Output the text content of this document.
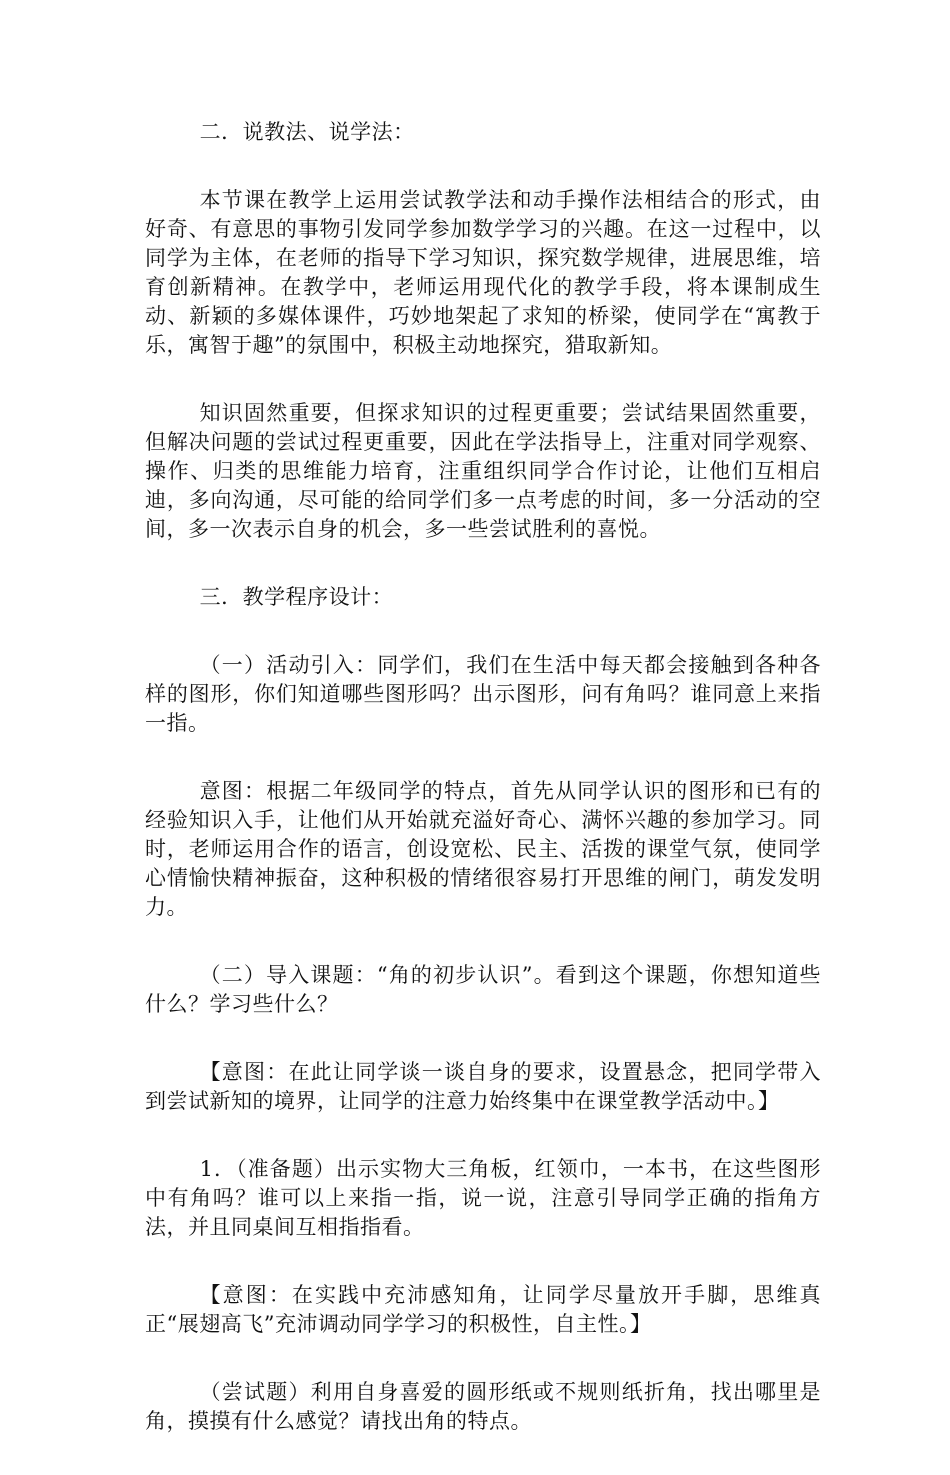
二．说教法、说学法：

本节课在教学上运用尝试教学法和动手操作法相结合的形式，由好奇、有意思的事物引发同学参加数学学习的兴趣。在这一过程中，以同学为主体，在老师的指导下学习知识，探究数学规律，进展思维，培育创新精神。在教学中，老师运用现代化的教学手段，将本课制成生动、新颖的多媒体课件，巧妙地架起了求知的桥梁，使同学在“寓教于乐，寓智于趣”的氛围中，积极主动地探究，猎取新知。

知识固然重要，但探求知识的过程更重要；尝试结果固然重要，但解决问题的尝试过程更重要，因此在学法指导上，注重对同学观察、操作、归类的思维能力培育，注重组织同学合作讨论，让他们互相启迪，多向沟通，尽可能的给同学们多一点考虑的时间，多一分活动的空间，多一次表示自身的机会，多一些尝试胜利的喜悦。

三．教学程序设计：

（一）活动引入：同学们，我们在生活中每天都会接触到各种各样的图形，你们知道哪些图形吗？出示图形，问有角吗？谁同意上来指一指。

意图：根据二年级同学的特点，首先从同学认识的图形和已有的经验知识入手，让他们从开始就充溢好奇心、满怀兴趣的参加学习。同时，老师运用合作的语言，创设宽松、民主、活拨的课堂气氛，使同学心情愉快精神振奋，这种积极的情绪很容易打开思维的闸门，萌发发明力。

（二）导入课题：“角的初步认识”。看到这个课题，你想知道些什么？学习些什么？

【意图：在此让同学谈一谈自身的要求，设置悬念，把同学带入到尝试新知的境界，让同学的注意力始终集中在课堂教学活动中。】

1．（准备题）出示实物大三角板，红领巾，一本书，在这些图形中有角吗？谁可以上来指一指，说一说，注意引导同学正确的指角方法，并且同桌间互相指指看。

【意图：在实践中充沛感知角，让同学尽量放开手脚，思维真正“展翅高飞”充沛调动同学学习的积极性，自主性。】

（尝试题）利用自身喜爱的圆形纸或不规则纸折角，找出哪里是角，摸摸有什么感觉？请找出角的特点。
